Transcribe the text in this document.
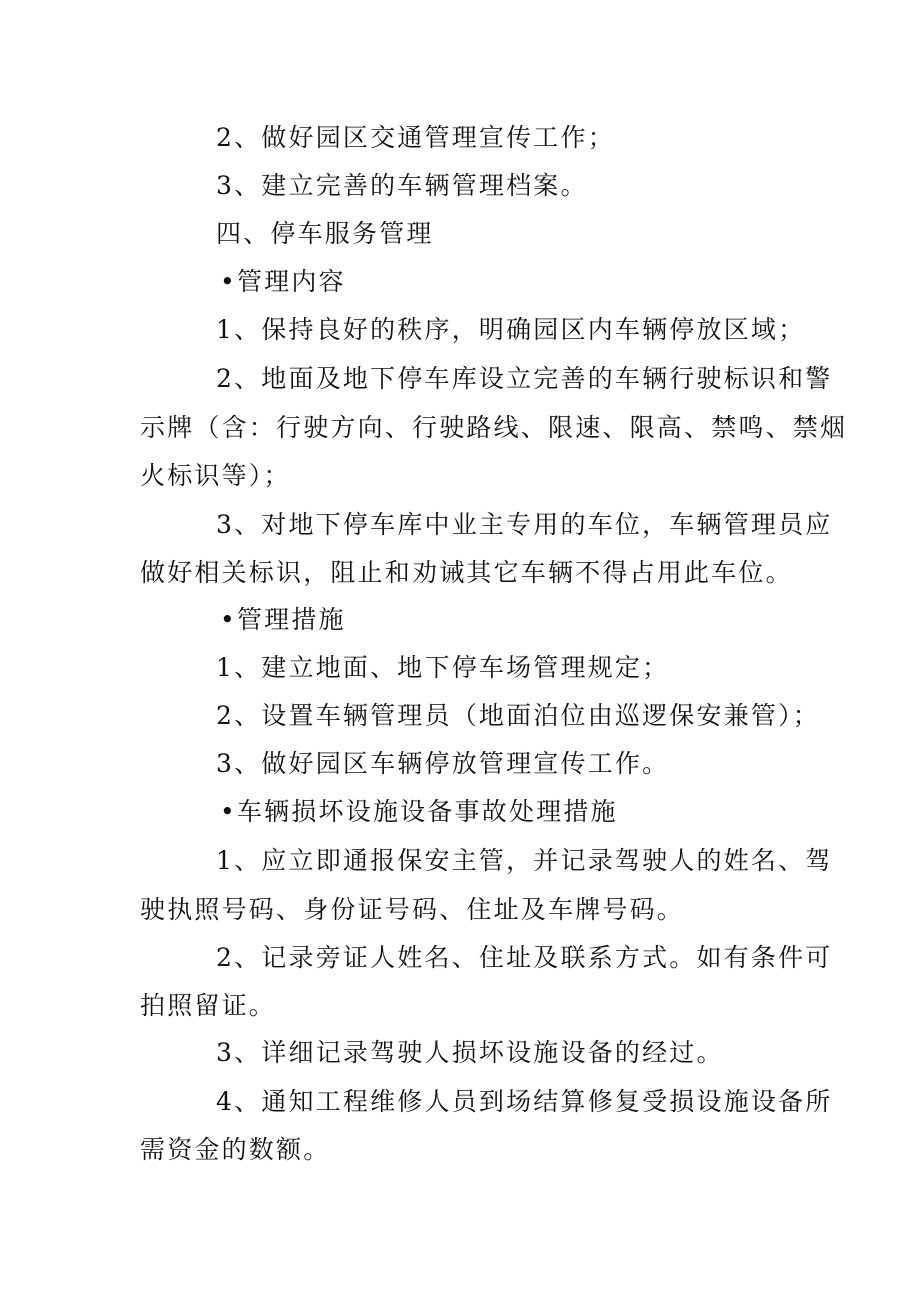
2、做好园区交通管理宣传工作；
3、建立完善的车辆管理档案。
四、停车服务管理
•管理内容
1、保持良好的秩序，明确园区内车辆停放区域；
2、地面及地下停车库设立完善的车辆行驶标识和警
示牌（含：行驶方向、行驶路线、限速、限高、禁鸣、禁烟
火标识等）；
3、对地下停车库中业主专用的车位，车辆管理员应
做好相关标识，阻止和劝诫其它车辆不得占用此车位。
•管理措施
1、建立地面、地下停车场管理规定；
2、设置车辆管理员（地面泊位由巡逻保安兼管）；
3、做好园区车辆停放管理宣传工作。
•车辆损坏设施设备事故处理措施
1、应立即通报保安主管，并记录驾驶人的姓名、驾
驶执照号码、身份证号码、住址及车牌号码。
2、记录旁证人姓名、住址及联系方式。如有条件可
拍照留证。
3、详细记录驾驶人损坏设施设备的经过。
4、通知工程维修人员到场结算修复受损设施设备所
需资金的数额。
